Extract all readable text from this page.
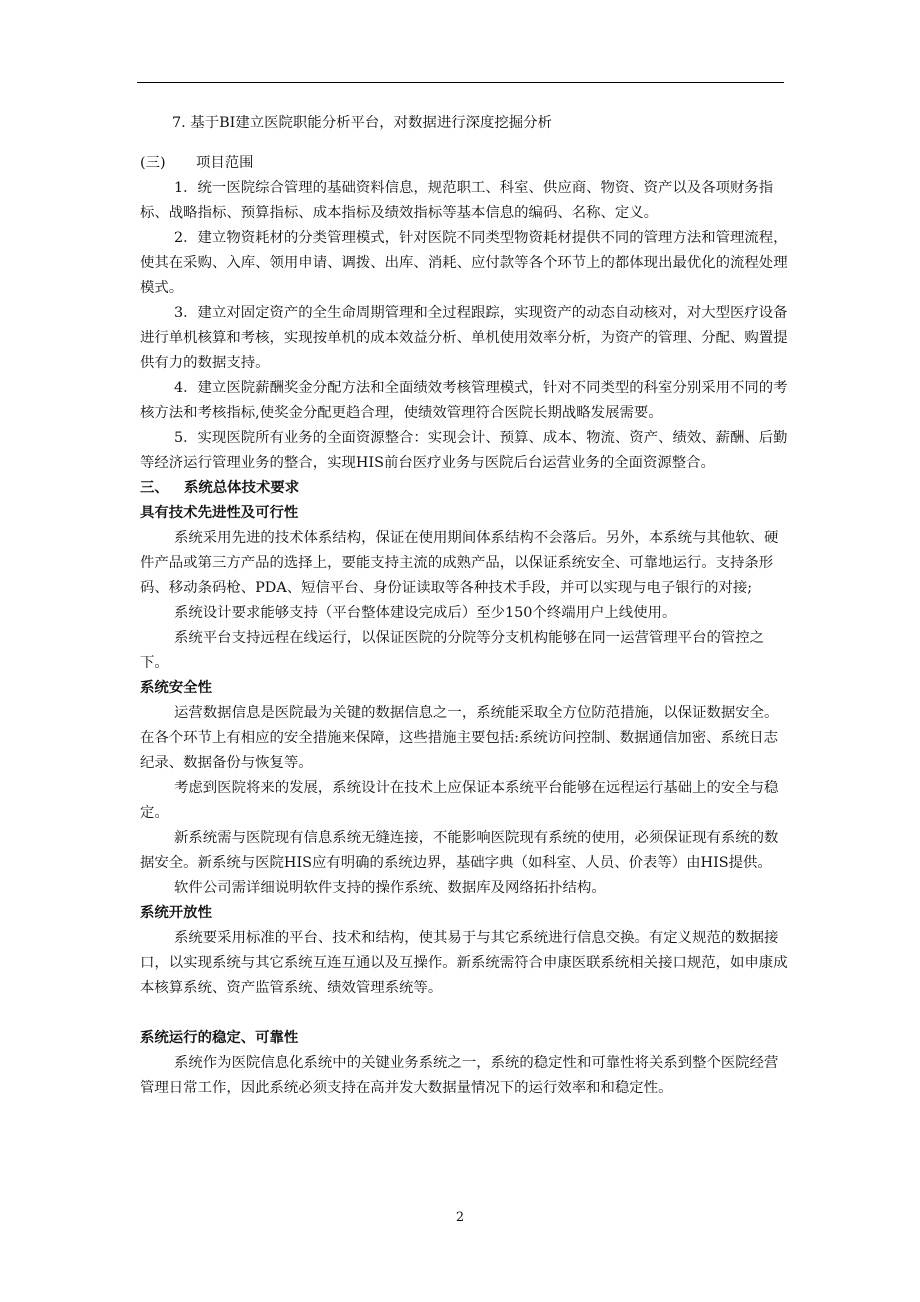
7. 基于BI建立医院职能分析平台，对数据进行深度挖掘分析

(三) 项目范围

1．统一医院综合管理的基础资料信息，规范职工、科室、供应商、物资、资产以及各项财务指标、战略指标、预算指标、成本指标及绩效指标等基本信息的编码、名称、定义。

2．建立物资耗材的分类管理模式，针对医院不同类型物资耗材提供不同的管理方法和管理流程，使其在采购、入库、领用申请、调拨、出库、消耗、应付款等各个环节上的都体现出最优化的流程处理模式。

3．建立对固定资产的全生命周期管理和全过程跟踪，实现资产的动态自动核对，对大型医疗设备进行单机核算和考核，实现按单机的成本效益分析、单机使用效率分析，为资产的管理、分配、购置提供有力的数据支持。

4．建立医院薪酬奖金分配方法和全面绩效考核管理模式，针对不同类型的科室分别采用不同的考核方法和考核指标,使奖金分配更趋合理，使绩效管理符合医院长期战略发展需要。

5．实现医院所有业务的全面资源整合：实现会计、预算、成本、物流、资产、绩效、薪酬、后勤等经济运行管理业务的整合，实现HIS前台医疗业务与医院后台运营业务的全面资源整合。

三、 系统总体技术要求

具有技术先进性及可行性

系统采用先进的技术体系结构，保证在使用期间体系结构不会落后。另外，本系统与其他软、硬件产品或第三方产品的选择上，要能支持主流的成熟产品，以保证系统安全、可靠地运行。支持条形码、移动条码枪、PDA、短信平台、身份证读取等各种技术手段，并可以实现与电子银行的对接;

系统设计要求能够支持（平台整体建设完成后）至少150个终端用户上线使用。

系统平台支持远程在线运行，以保证医院的分院等分支机构能够在同一运营管理平台的管控之下。

系统安全性

运营数据信息是医院最为关键的数据信息之一，系统能采取全方位防范措施，以保证数据安全。在各个环节上有相应的安全措施来保障，这些措施主要包括:系统访问控制、数据通信加密、系统日志纪录、数据备份与恢复等。

考虑到医院将来的发展，系统设计在技术上应保证本系统平台能够在远程运行基础上的安全与稳定。

新系统需与医院现有信息系统无缝连接，不能影响医院现有系统的使用，必须保证现有系统的数据安全。新系统与医院HIS应有明确的系统边界，基础字典（如科室、人员、价表等）由HIS提供。

软件公司需详细说明软件支持的操作系统、数据库及网络拓扑结构。

系统开放性

系统要采用标准的平台、技术和结构，使其易于与其它系统进行信息交换。有定义规范的数据接口，以实现系统与其它系统互连互通以及互操作。新系统需符合申康医联系统相关接口规范，如申康成本核算系统、资产监管系统、绩效管理系统等。

系统运行的稳定、可靠性

系统作为医院信息化系统中的关键业务系统之一，系统的稳定性和可靠性将关系到整个医院经营管理日常工作，因此系统必须支持在高并发大数据量情况下的运行效率和和稳定性。

2
